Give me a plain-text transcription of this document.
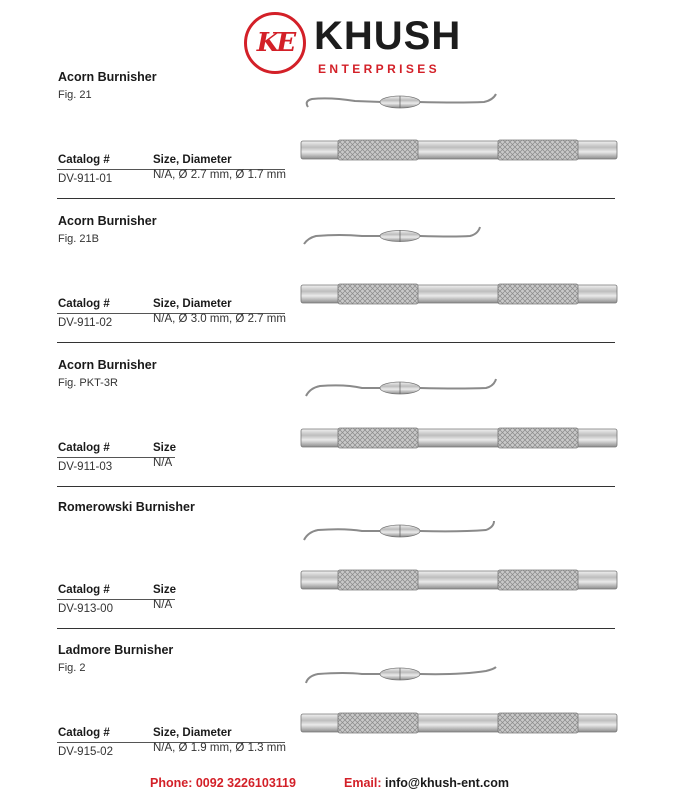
KE KHUSH
ENTERPRISES
Acorn Burnisher
Fig. 21
Catalog #	Size, Diameter
DV-911-01	N/A, Ø 2.7 mm, Ø 1.7 mm
Acorn Burnisher
Fig. 21B
Catalog #	Size, Diameter
DV-911-02	N/A, Ø 3.0 mm, Ø 2.7 mm
Acorn Burnisher
Fig. PKT-3R
Catalog #	Size
DV-911-03	N/A
Romerowski Burnisher
Catalog #	Size
DV-913-00	N/A
Ladmore Burnisher
Fig. 2
Catalog #	Size, Diameter
DV-915-02	N/A, Ø 1.9 mm, Ø 1.3 mm
Phone: 0092 3226103119	Email: info@khush-ent.com
